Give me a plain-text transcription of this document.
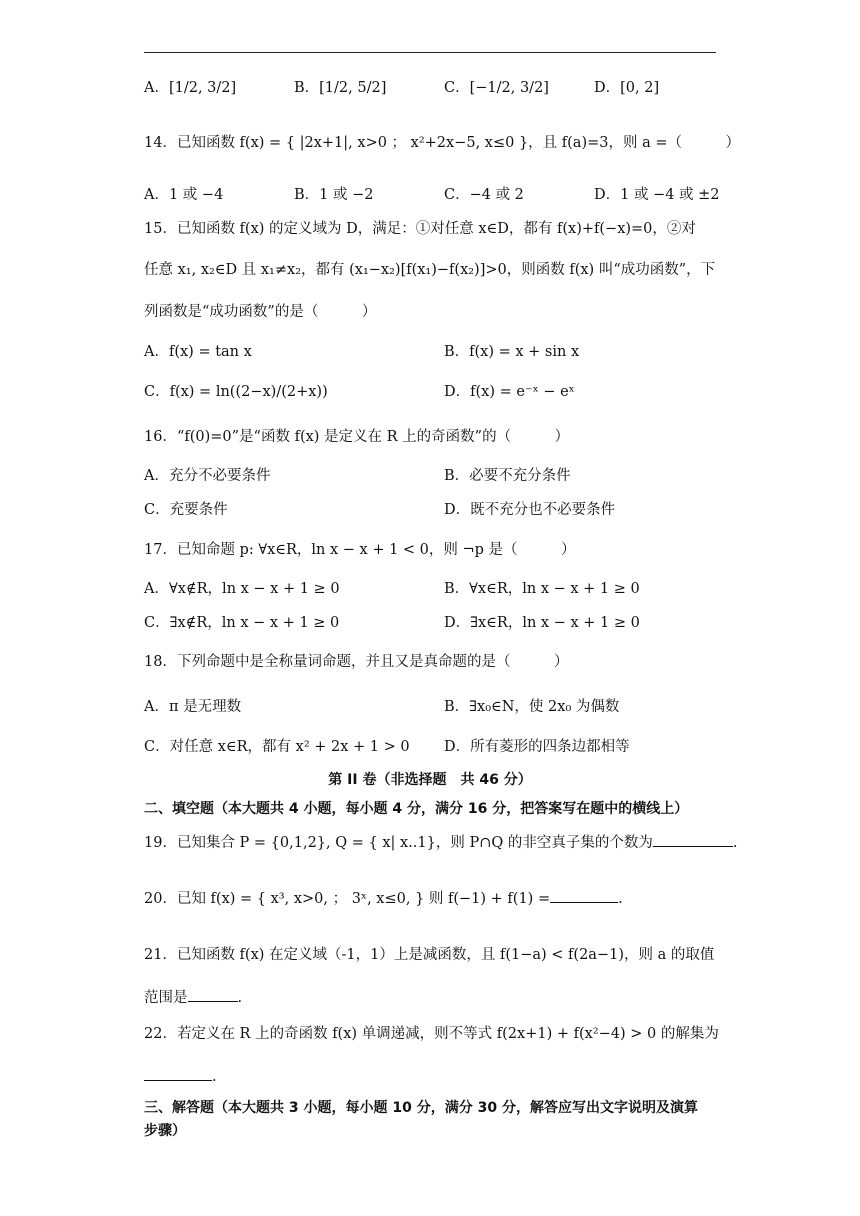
A．[1/2, 3/2]	B．[1/2, 5/2]	C．[−1/2, 3/2]	D．[0, 2]
14．已知函数 f(x) = { |2x+1|, x>0 ； x²+2x−5, x≤0 }，且 f(a)=3，则 a =（　　　）
A．1 或 −4	B．1 或 −2	C．−4 或 2	D．1 或 −4 或 ±2
15．已知函数 f(x) 的定义域为 D，满足：①对任意 x∈D，都有 f(x)+f(−x)=0，②对
任意 x₁, x₂∈D 且 x₁≠x₂，都有 (x₁−x₂)[f(x₁)−f(x₂)]>0，则函数 f(x) 叫“成功函数”，下
列函数是“成功函数”的是（　　　）
A．f(x) = tan x	B．f(x) = x + sin x
C．f(x) = ln((2−x)/(2+x))	D．f(x) = e⁻ˣ − eˣ
16．“f(0)=0”是“函数 f(x) 是定义在 R 上的奇函数”的（　　　）
A．充分不必要条件	B．必要不充分条件
C．充要条件	D．既不充分也不必要条件
17．已知命题 p: ∀x∈R，ln x − x + 1 < 0，则 ¬p 是（　　　）
A．∀x∉R，ln x − x + 1 ≥ 0	B．∀x∈R，ln x − x + 1 ≥ 0
C．∃x∉R，ln x − x + 1 ≥ 0	D．∃x∈R，ln x − x + 1 ≥ 0
18．下列命题中是全称量词命题，并且又是真命题的是（　　　）
A．π 是无理数	B．∃x₀∈N，使 2x₀ 为偶数
C．对任意 x∈R，都有 x² + 2x + 1 > 0 D．所有菱形的四条边都相等
第 II 卷（非选择题　共 46 分）
二、填空题（本大题共 4 小题，每小题 4 分，满分 16 分，把答案写在题中的横线上）
19．已知集合 P = {0,1,2}, Q = { x| x..1}，则 P∩Q 的非空真子集的个数为	.
20．已知 f(x) = { x³, x>0, ； 3ˣ, x≤0, } 则 f(−1) + f(1) =	.
21．已知函数 f(x) 在定义域（-1，1）上是减函数，且 f(1−a) < f(2a−1)，则 a 的取值
范围是	.
22．若定义在 R 上的奇函数 f(x) 单调递减，则不等式 f(2x+1) + f(x²−4) > 0 的解集为
.
三、解答题（本大题共 3 小题，每小题 10 分，满分 30 分，解答应写出文字说明及演算
步骤）
